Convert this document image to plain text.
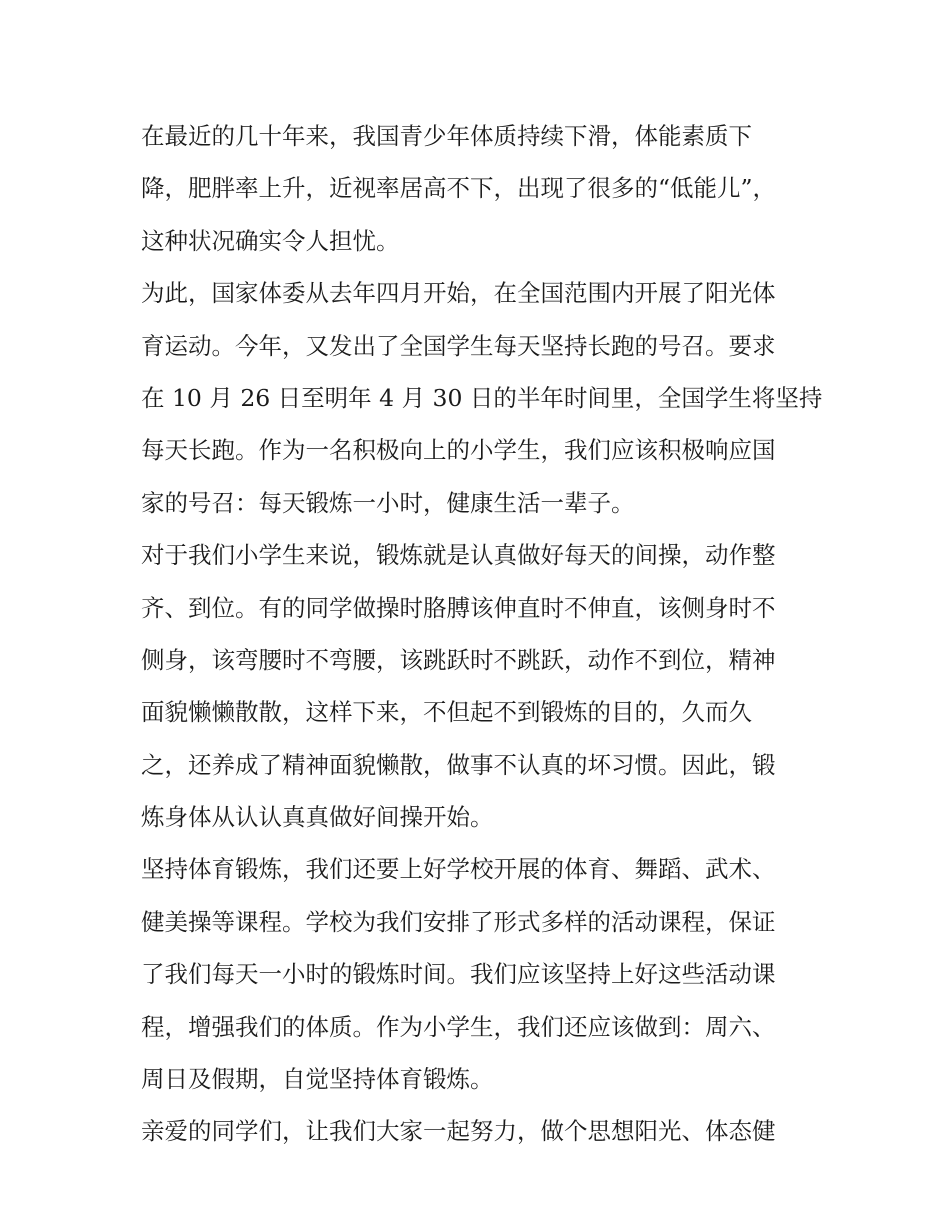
在最近的几十年来，我国青少年体质持续下滑，体能素质下
降，肥胖率上升，近视率居高不下，出现了很多的“低能儿”，
这种状况确实令人担忧。
为此，国家体委从去年四月开始，在全国范围内开展了阳光体
育运动。今年，又发出了全国学生每天坚持长跑的号召。要求
在 10 月 26 日至明年 4 月 30 日的半年时间里，全国学生将坚持
每天长跑。作为一名积极向上的小学生，我们应该积极响应国
家的号召：每天锻炼一小时，健康生活一辈子。
对于我们小学生来说，锻炼就是认真做好每天的间操，动作整
齐、到位。有的同学做操时胳膊该伸直时不伸直，该侧身时不
侧身，该弯腰时不弯腰，该跳跃时不跳跃，动作不到位，精神
面貌懒懒散散，这样下来，不但起不到锻炼的目的，久而久
之，还养成了精神面貌懒散，做事不认真的坏习惯。因此，锻
炼身体从认认真真做好间操开始。
坚持体育锻炼，我们还要上好学校开展的体育、舞蹈、武术、
健美操等课程。学校为我们安排了形式多样的活动课程，保证
了我们每天一小时的锻炼时间。我们应该坚持上好这些活动课
程，增强我们的体质。作为小学生，我们还应该做到：周六、
周日及假期，自觉坚持体育锻炼。
亲爱的同学们，让我们大家一起努力，做个思想阳光、体态健
